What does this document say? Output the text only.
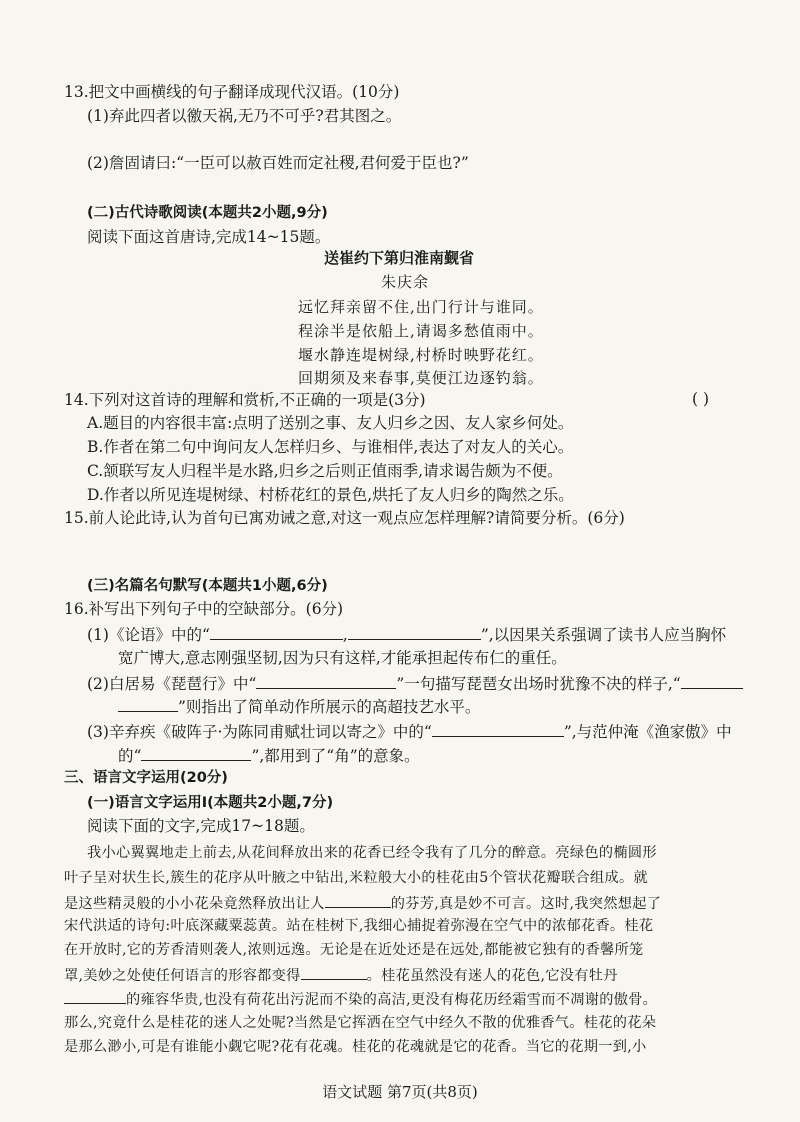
13.把文中画横线的句子翻译成现代汉语。(10分)
(1)弃此四者以徼天祸,无乃不可乎?君其图之。
(2)詹固请曰:“一臣可以赦百姓而定社稷,君何爱于臣也?”
(二)古代诗歌阅读(本题共2小题,9分)
阅读下面这首唐诗,完成14~15题。
送崔约下第归淮南觐省
朱庆余
远忆拜亲留不住,出门行计与谁同。
程涂半是依船上,请谒多愁值雨中。
堰水静连堤树绿,村桥时映野花红。
回期须及来春事,莫便江边逐钓翁。
14.下列对这首诗的理解和赏析,不正确的一项是(3分)	( )
A.题目的内容很丰富:点明了送别之事、友人归乡之因、友人家乡何处。
B.作者在第二句中询问友人怎样归乡、与谁相伴,表达了对友人的关心。
C.颔联写友人归程半是水路,归乡之后则正值雨季,请求谒告颇为不便。
D.作者以所见连堤树绿、村桥花红的景色,烘托了友人归乡的陶然之乐。
15.前人论此诗,认为首句已寓劝诫之意,对这一观点应怎样理解?请简要分析。(6分)
(三)名篇名句默写(本题共1小题,6分)
16.补写出下列句子中的空缺部分。(6分)
(1)《论语》中的“	,	”,以因果关系强调了读书人应当胸怀
宽广博大,意志刚强坚韧,因为只有这样,才能承担起传布仁的重任。
(2)白居易《琵琶行》中“	”一句描写琵琶女出场时犹豫不决的样子,“
”则指出了简单动作所展示的高超技艺水平。
(3)辛弃疾《破阵子·为陈同甫赋壮词以寄之》中的“	”,与范仲淹《渔家傲》中
的“	”,都用到了“角”的意象。
三、语言文字运用(20分)
(一)语言文字运用Ⅰ(本题共2小题,7分)
阅读下面的文字,完成17~18题。
我小心翼翼地走上前去,从花间释放出来的花香已经令我有了几分的醉意。亮绿色的椭圆形
叶子呈对状生长,簇生的花序从叶腋之中钻出,米粒般大小的桂花由5个管状花瓣联合组成。就
是这些精灵般的小小花朵竟然释放出让人	的芬芳,真是妙不可言。这时,我突然想起了
宋代洪适的诗句:叶底深藏粟蕊黄。站在桂树下,我细心捕捉着弥漫在空气中的浓郁花香。桂花
在开放时,它的芳香清则袭人,浓则远逸。无论是在近处还是在远处,都能被它独有的香馨所笼
罩,美妙之处使任何语言的形容都变得	。桂花虽然没有迷人的花色,它没有牡丹
的雍容华贵,也没有荷花出污泥而不染的高洁,更没有梅花历经霜雪而不凋谢的傲骨。
那么,究竟什么是桂花的迷人之处呢?当然是它挥洒在空气中经久不散的优雅香气。桂花的花朵
是那么渺小,可是有谁能小觑它呢?花有花魂。桂花的花魂就是它的花香。当它的花期一到,小
语文试题 第7页(共8页)
